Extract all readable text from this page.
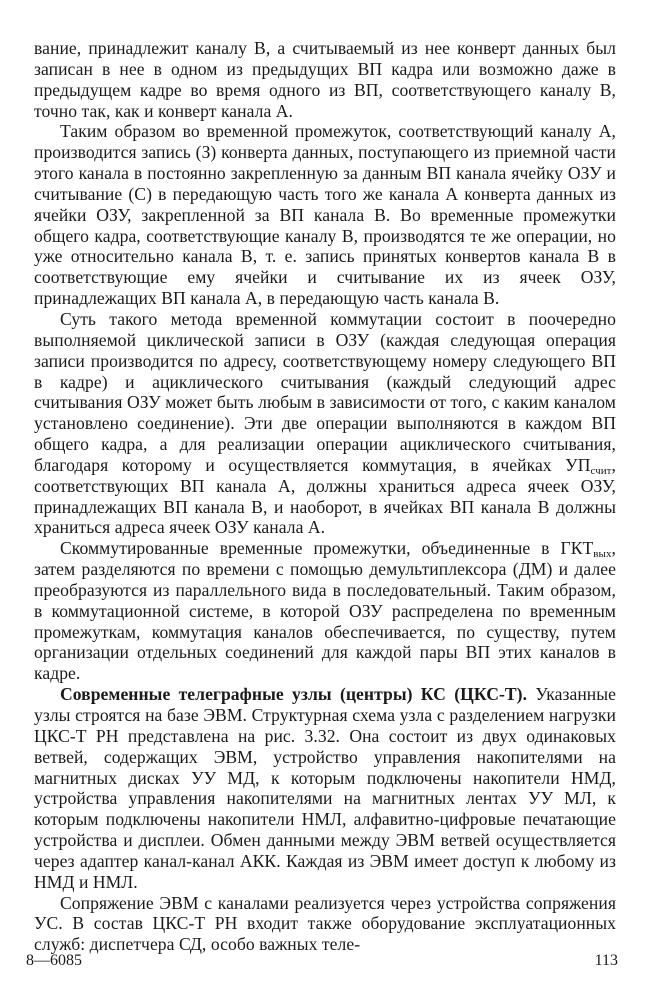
вание, принадлежит каналу В, а считываемый из нее конверт данных был записан в нее в одном из предыдущих ВП кадра или возможно даже в предыдущем кадре во время одного из ВП, соответствующего каналу В, точно так, как и конверт канала А.

Таким образом во временной промежуток, соответствующий каналу А, производится запись (З) конверта данных, поступающего из приемной части этого канала в постоянно закрепленную за данным ВП канала ячейку ОЗУ и считывание (С) в передающую часть того же канала А конверта данных из ячейки ОЗУ, закрепленной за ВП канала В. Во временные промежутки общего кадра, соответствующие каналу В, производятся те же операции, но уже относительно канала В, т. е. запись принятых конвертов канала В в соответствующие ему ячейки и считывание их из ячеек ОЗУ, принадлежащих ВП канала А, в передающую часть канала В.

Суть такого метода временной коммутации состоит в поочередно выполняемой циклической записи в ОЗУ (каждая следующая операция записи производится по адресу, соответствующему номеру следующего ВП в кадре) и ациклического считывания (каждый следующий адрес считывания ОЗУ может быть любым в зависимости от того, с каким каналом установлено соединение). Эти две операции выполняются в каждом ВП общего кадра, а для реализации операции ациклического считывания, благодаря которому и осуществляется коммутация, в ячейках $УП_{счит}$, соответствующих ВП канала А, должны храниться адреса ячеек ОЗУ, принадлежащих ВП канала В, и наоборот, в ячейках ВП канала В должны храниться адреса ячеек ОЗУ канала А.

Скоммутированные временные промежутки, объединенные в $ГКТ_{вых}$, затем разделяются по времени с помощью демультиплексора (ДМ) и далее преобразуются из параллельного вида в последовательный. Таким образом, в коммутационной системе, в которой ОЗУ распределена по временным промежуткам, коммутация каналов обеспечивается, по существу, путем организации отдельных соединений для каждой пары ВП этих каналов в кадре.

Современные телеграфные узлы (центры) КС (ЦКС-Т). Указанные узлы строятся на базе ЭВМ. Структурная схема узла с разделением нагрузки ЦКС-Т РН представлена на рис. 3.32. Она состоит из двух одинаковых ветвей, содержащих ЭВМ, устройство управления накопителями на магнитных дисках УУ МД, к которым подключены накопители НМД, устройства управления накопителями на магнитных лентах УУ МЛ, к которым подключены накопители НМЛ, алфавитно-цифровые печатающие устройства и дисплеи. Обмен данными между ЭВМ ветвей осуществляется через адаптер канал-канал АКК. Каждая из ЭВМ имеет доступ к любому из НМД и НМЛ.

Сопряжение ЭВМ с каналами реализуется через устройства сопряжения УС. В состав ЦКС-Т РН входит также оборудование эксплуатационных служб: диспетчера СД, особо важных теле-

8—6085	113
